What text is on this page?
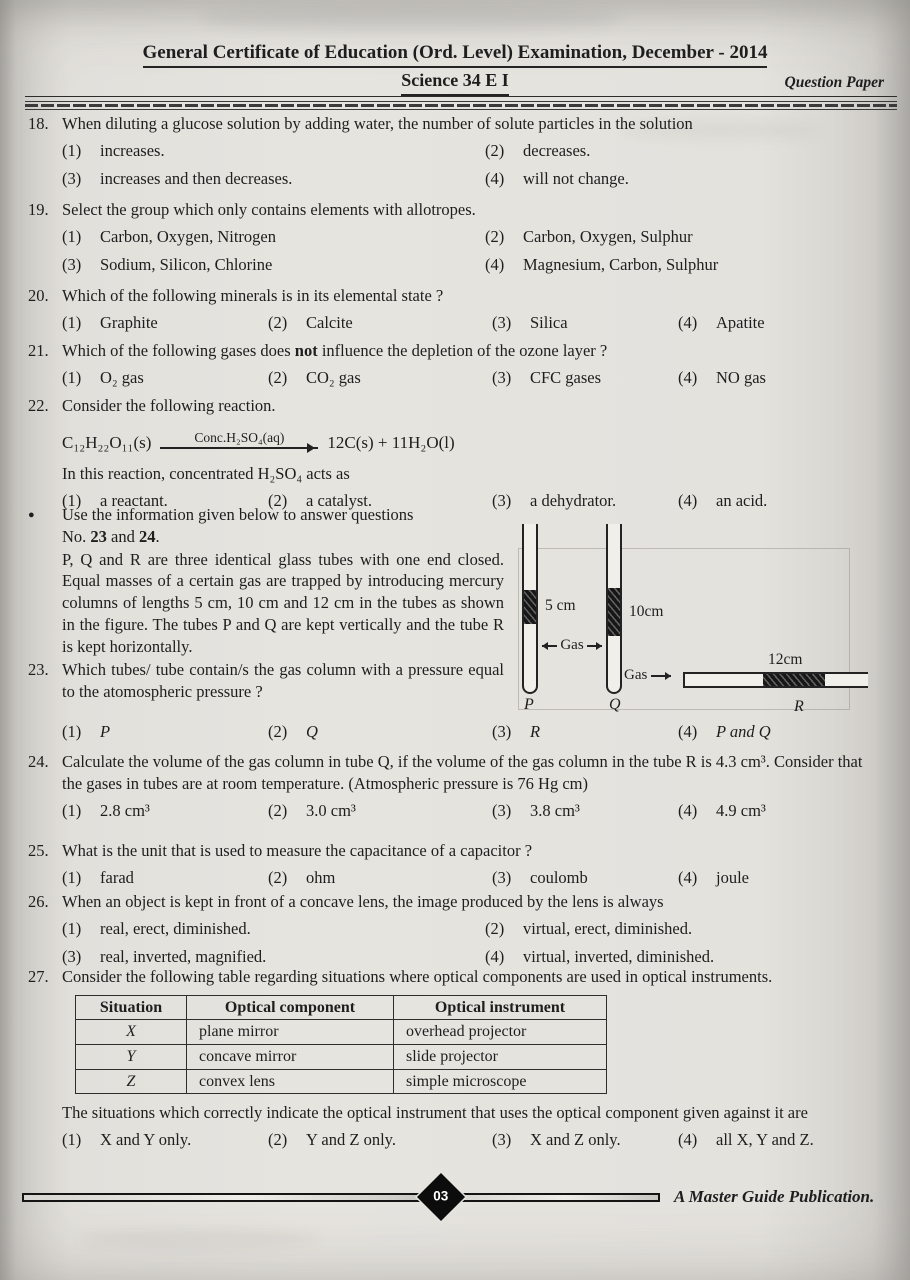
General Certificate of Education (Ord. Level) Examination, December - 2014
Science 34 E I	Question Paper
18. When diluting a glucose solution by adding water, the number of solute particles in the solution
(1)	increases.	(2)	decreases.
(3)	increases and then decreases.	(4)	will not change.
19. Select the group which only contains elements with allotropes.
(1)	Carbon, Oxygen, Nitrogen	(2)	Carbon, Oxygen, Sulphur
(3)	Sodium, Silicon, Chlorine	(4)	Magnesium, Carbon, Sulphur
20. Which of the following minerals is in its elemental state ?
(1)	Graphite	(2)	Calcite	(3)	Silica	(4)	Apatite
21. Which of the following gases does not influence the depletion of the ozone layer ?
(1)	O₂ gas	(2)	CO₂ gas	(3)	CFC gases	(4)	NO gas
22. Consider the following reaction.
C₁₂H₂₂O₁₁(s)	Conc.H₂SO₄(aq)	12C(s) + 11H₂O(l)
In this reaction, concentrated H₂SO₄ acts as
(1)	a reactant.	(2)	a catalyst.	(3)	a dehydrator.	(4)	an acid.
●	Use the information given below to answer questions
No. 23 and 24.
P, Q and R are three identical glass tubes with one end closed. Equal masses of a certain gas are trapped by introducing mercury columns of lengths 5 cm, 10 cm and 12 cm in the tubes as shown in the figure. The tubes P and Q are kept vertically and the tube R is kept horizontally.
23. Which tubes/ tube contain/s the gas column with a pressure equal to the atomospheric pressure ?
5 cm	10cm
Gas
Gas
12cm
P	Q	R
(1)	P	(2)	Q	(3)	R	(4)	P and Q
24. Calculate the volume of the gas column in tube Q, if the volume of the gas column in the tube R is 4.3 cm³. Consider that the gases in tubes are at room temperature. (Atmospheric pressure is 76 Hg cm)
(1)	2.8 cm³	(2)	3.0 cm³	(3)	3.8 cm³	(4)	4.9 cm³
25. What is the unit that is used to measure the capacitance of a capacitor ?
(1)	farad	(2)	ohm	(3)	coulomb	(4)	joule
26. When an object is kept in front of a concave lens, the image produced by the lens is always
(1)	real, erect, diminished.	(2)	virtual, erect, diminished.
(3)	real, inverted, magnified.	(4)	virtual, inverted, diminished.
27. Consider the following table regarding situations where optical components are used in optical instruments.
Situation	Optical component	Optical instrument
X	plane mirror	overhead projector
Y	concave mirror	slide projector
Z	convex lens	simple microscope
The situations which correctly indicate the optical instrument that uses the optical component given against it are
(1)	X and Y only.	(2)	Y and Z only.	(3)	X and Z only.	(4)	all X, Y and Z.
03	A Master Guide Publication.
